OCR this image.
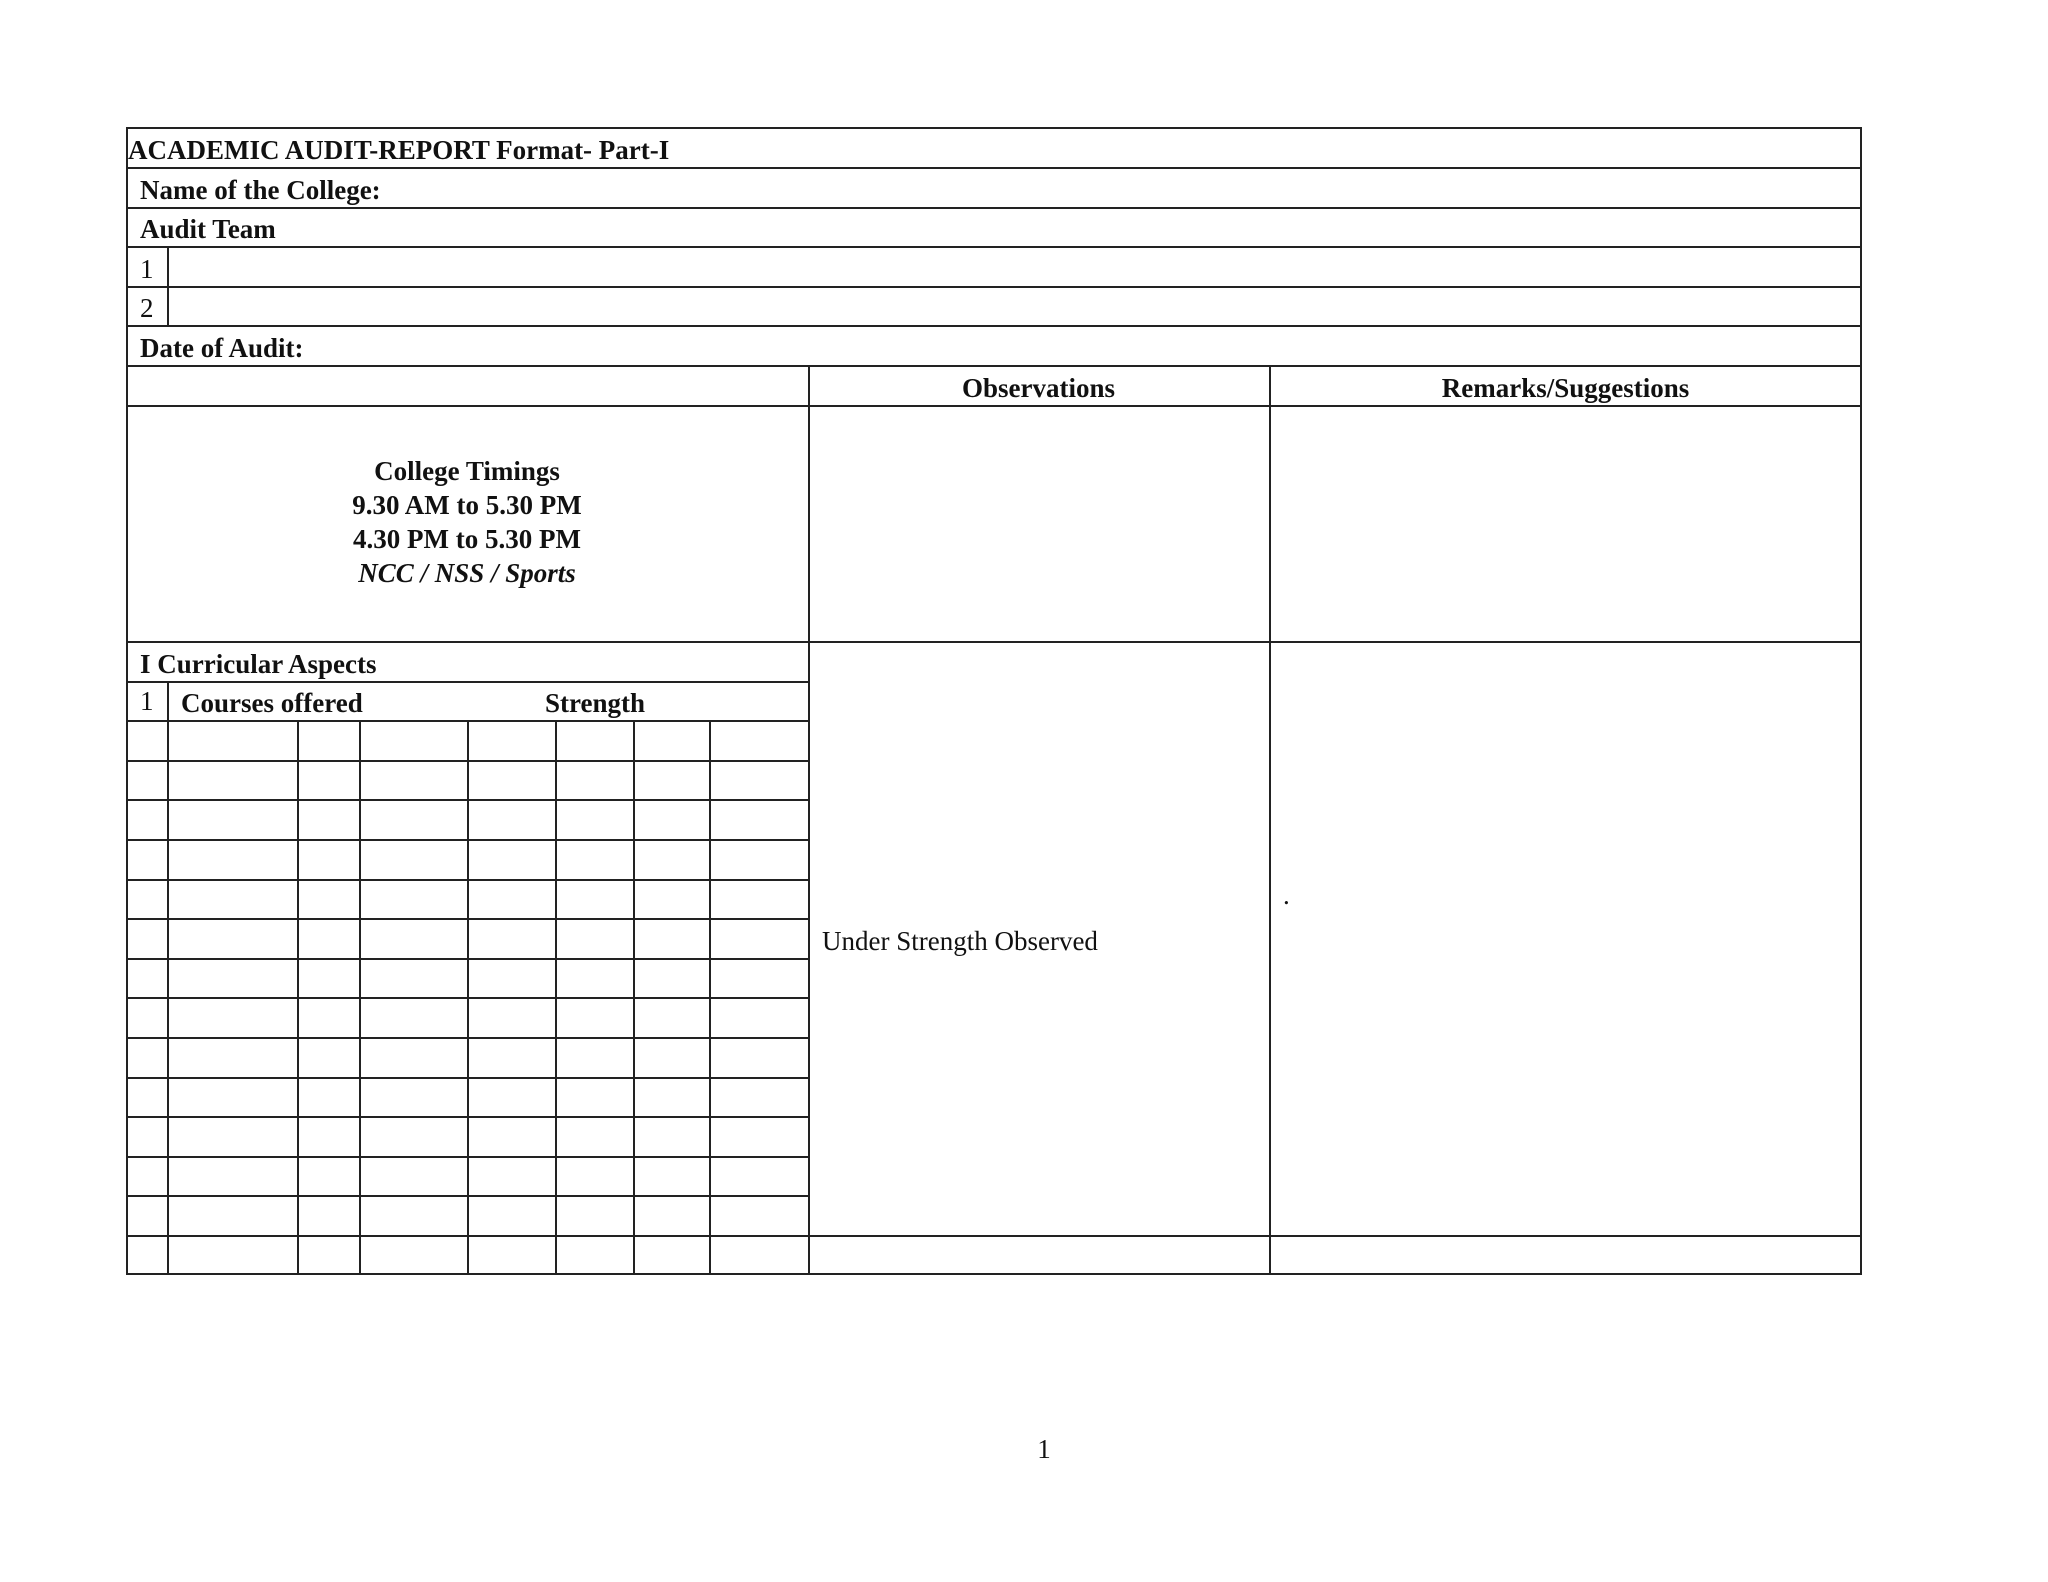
ACADEMIC AUDIT-REPORT Format- Part-I
Name of the College:
Audit Team
1
2
Date of Audit:
Observations	Remarks/Suggestions
College Timings
9.30 AM to 5.30 PM
4.30 PM to 5.30 PM
NCC / NSS / Sports
I Curricular Aspects
1 Courses offered	Strength
Under Strength Observed
.
1
